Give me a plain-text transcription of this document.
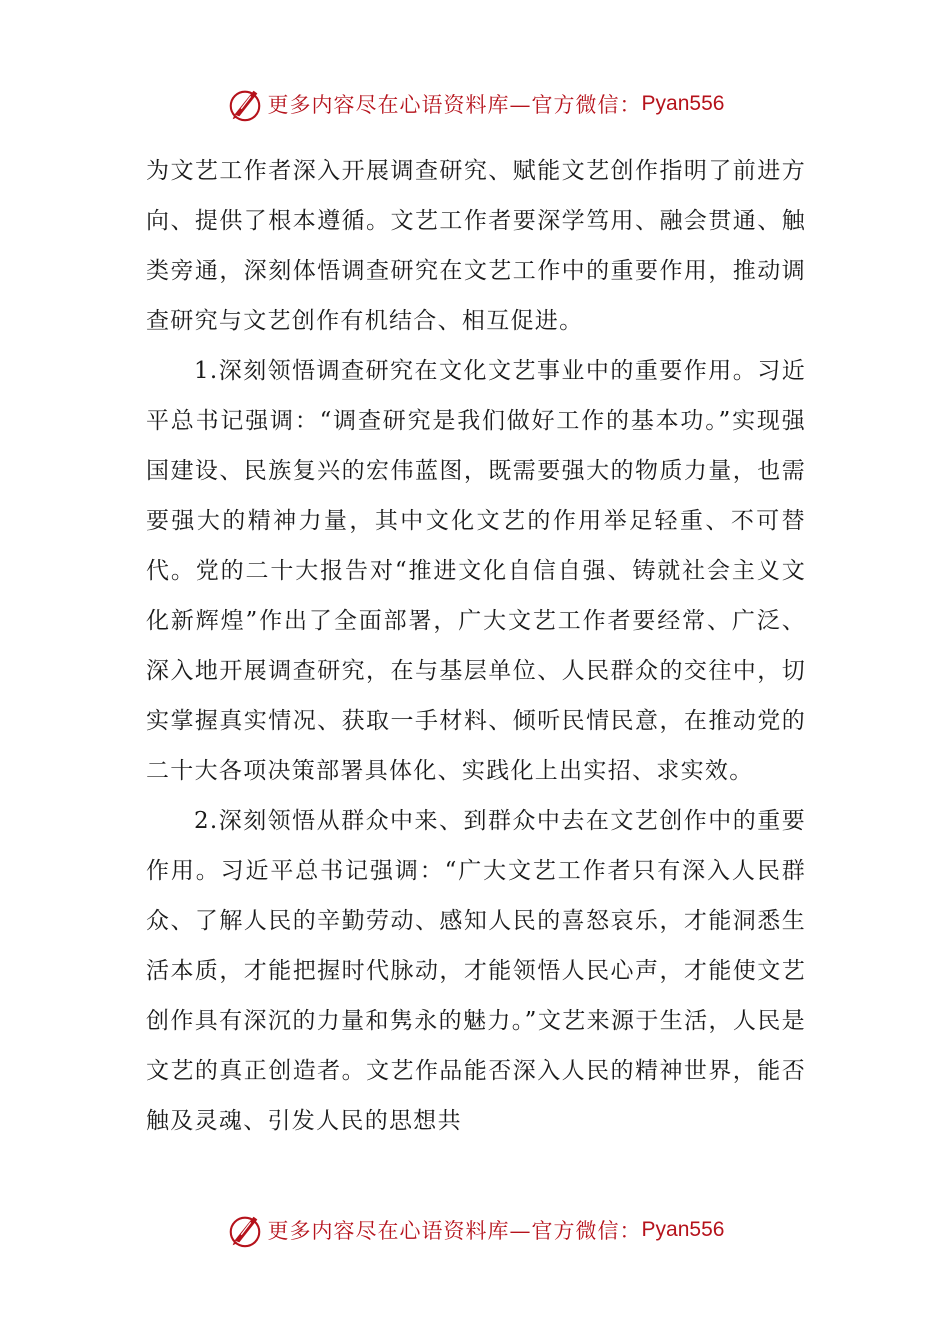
更多内容尽在心语资料库—官方微信： Pyan556

为文艺工作者深入开展调查研究、赋能文艺创作指明了前进方向、提供了根本遵循。文艺工作者要深学笃用、融会贯通、触类旁通，深刻体悟调查研究在文艺工作中的重要作用，推动调查研究与文艺创作有机结合、相互促进。

1.深刻领悟调查研究在文化文艺事业中的重要作用。习近平总书记强调：“调查研究是我们做好工作的基本功。”实现强国建设、民族复兴的宏伟蓝图，既需要强大的物质力量，也需要强大的精神力量，其中文化文艺的作用举足轻重、不可替代。党的二十大报告对“推进文化自信自强、铸就社会主义文化新辉煌”作出了全面部署，广大文艺工作者要经常、广泛、深入地开展调查研究，在与基层单位、人民群众的交往中，切实掌握真实情况、获取一手材料、倾听民情民意，在推动党的二十大各项决策部署具体化、实践化上出实招、求实效。

2.深刻领悟从群众中来、到群众中去在文艺创作中的重要作用。习近平总书记强调：“广大文艺工作者只有深入人民群众、了解人民的辛勤劳动、感知人民的喜怒哀乐，才能洞悉生活本质，才能把握时代脉动，才能领悟人民心声，才能使文艺创作具有深沉的力量和隽永的魅力。”文艺来源于生活，人民是文艺的真正创造者。文艺作品能否深入人民的精神世界，能否触及灵魂、引发人民的思想共

更多内容尽在心语资料库—官方微信： Pyan556
